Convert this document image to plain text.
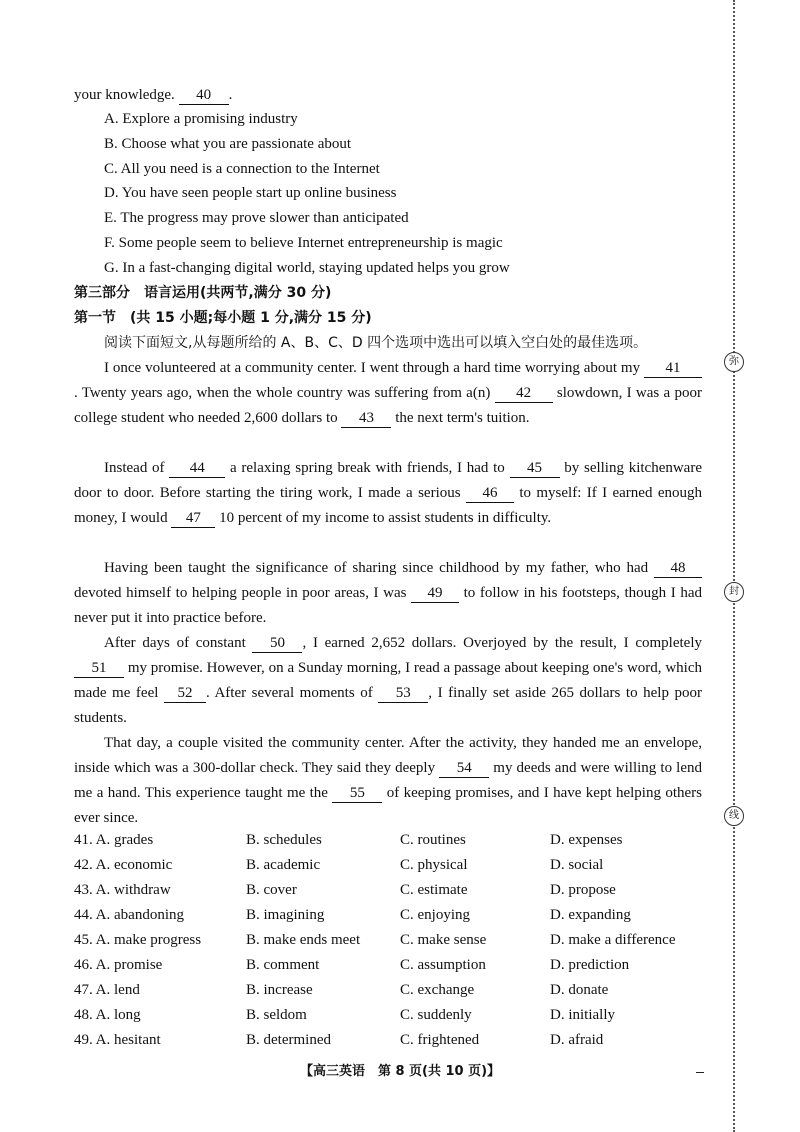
your knowledge. 40 .
A. Explore a promising industry
B. Choose what you are passionate about
C. All you need is a connection to the Internet
D. You have seen people start up online business
E. The progress may prove slower than anticipated
F. Some people seem to believe Internet entrepreneurship is magic
G. In a fast-changing digital world, staying updated helps you grow
第三部分　语言运用(共两节,满分 30 分)
第一节　(共 15 小题;每小题 1 分,满分 15 分)
阅读下面短文,从每题所给的 A、B、C、D 四个选项中选出可以填入空白处的最佳选项。
I once volunteered at a community center. I went through a hard time worrying about my 41. Twenty years ago, when the whole country was suffering from a(n) 42 slowdown, I was a poor college student who needed 2,600 dollars to 43 the next term's tuition.
Instead of 44 a relaxing spring break with friends, I had to 45 by selling kitchenware door to door. Before starting the tiring work, I made a serious 46 to myself: If I earned enough money, I would 47 10 percent of my income to assist students in difficulty.
Having been taught the significance of sharing since childhood by my father, who had 48 devoted himself to helping people in poor areas, I was 49 to follow in his footsteps, though I had never put it into practice before.
After days of constant 50 , I earned 2,652 dollars. Overjoyed by the result, I completely 51 my promise. However, on a Sunday morning, I read a passage about keeping one's word, which made me feel 52 . After several moments of 53 , I finally set aside 265 dollars to help poor students.
That day, a couple visited the community center. After the activity, they handed me an envelope, inside which was a 300-dollar check. They said they deeply 54 my deeds and were willing to lend me a hand. This experience taught me the 55 of keeping promises, and I have kept helping others ever since.
41. A. grades	B. schedules	C. routines	D. expenses
42. A. economic	B. academic	C. physical	D. social
43. A. withdraw	B. cover	C. estimate	D. propose
44. A. abandoning	B. imagining	C. enjoying	D. expanding
45. A. make progress	B. make ends meet	C. make sense	D. make a difference
46. A. promise	B. comment	C. assumption	D. prediction
47. A. lend	B. increase	C. exchange	D. donate
48. A. long	B. seldom	C. suddenly	D. initially
49. A. hesitant	B. determined	C. frightened	D. afraid
弥
封
线
【高三英语　第 8 页(共 10 页)】
